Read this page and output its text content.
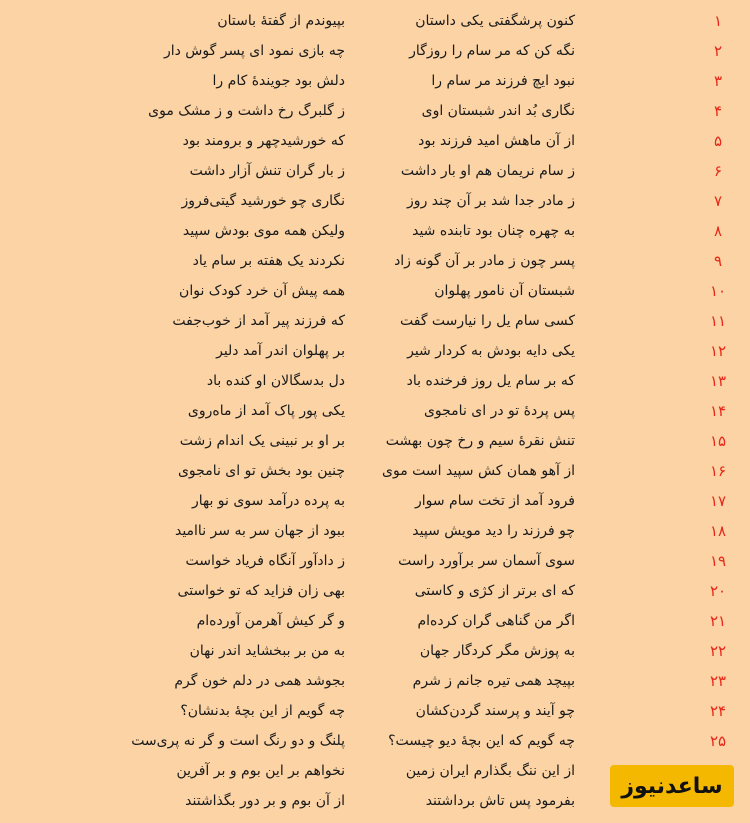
۱
کنون پرشگفتی یکی داستان
بپیوندم از گفتهٔ باستان
۲
نگه کن که مر سام را روزگار
چه بازی نمود ای پسر گوش دار
۳
نبود ایچ فرزند مر سام را
دلش بود جویندهٔ کام را
۴
نگاری بُد اندر شبستان اوی
ز گلبرگ رخ داشت و ز مشک موی
۵
از آن ماهش امید فرزند بود
که خورشیدچهر و برومند بود
۶
ز سام نریمان هم او بار داشت
ز بار گران تنش آزار داشت
۷
ز مادر جدا شد بر آن چند روز
نگاری چو خورشید گیتی‌فروز
۸
به چهره چنان بود تابنده شید
ولیکن همه موی بودش سپید
۹
پسر چون ز مادر بر آن گونه زاد
نکردند یک هفته بر سام یاد
۱۰
شبستان آن نامور پهلوان
همه پیش آن خرد کودک نوان
۱۱
کسی سام یل را نیارست گفت
که فرزند پیر آمد از خوب‌جفت
۱۲
یکی دایه بودش به کردار شیر
بر پهلوان اندر آمد دلیر
۱۳
که بر سام یل روز فرخنده باد
دل بدسگالان او کنده باد
۱۴
پس پردهٔ تو در ای نامجوی
یکی پور پاک آمد از ماه‌روی
۱۵
تنش نقرهٔ سیم و رخ چون بهشت
بر او بر نبینی یک اندام زشت
۱۶
از آهو همان کش سپید است موی
چنین بود بخش تو ای نامجوی
۱۷
فرود آمد از تخت سام سوار
به پرده درآمد سوی نو بهار
۱۸
چو فرزند را دید مویش سپید
ببود از جهان سر به سر ناامید
۱۹
سوی آسمان سر برآورد راست
ز دادآور آنگاه فریاد خواست
۲۰
که ای برتر از کژی و کاستی
بهی زان فزاید که تو خواستی
۲۱
اگر من گناهی گران کرده‌ام
و گر کیش آهرمن آورده‌ام
۲۲
به پوزش مگر کردگار جهان
به من بر ببخشاید اندر نهان
۲۳
بپیچد همی تیره جانم ز شرم
بجوشد همی در دلم خون گرم
۲۴
چو آیند و پرسند گردن‌کشان
چه گویم از این بچهٔ بدنشان؟
۲۵
چه گویم که این بچهٔ دیو چیست؟
پلنگ و دو رنگ است و گر نه پری‌ست
از این ننگ بگذارم ایران زمین
نخواهم بر این بوم و بر آفرین
بفرمود پس تاش برداشتند
از آن بوم و بر دور بگذاشتند
ساعدنیوز
